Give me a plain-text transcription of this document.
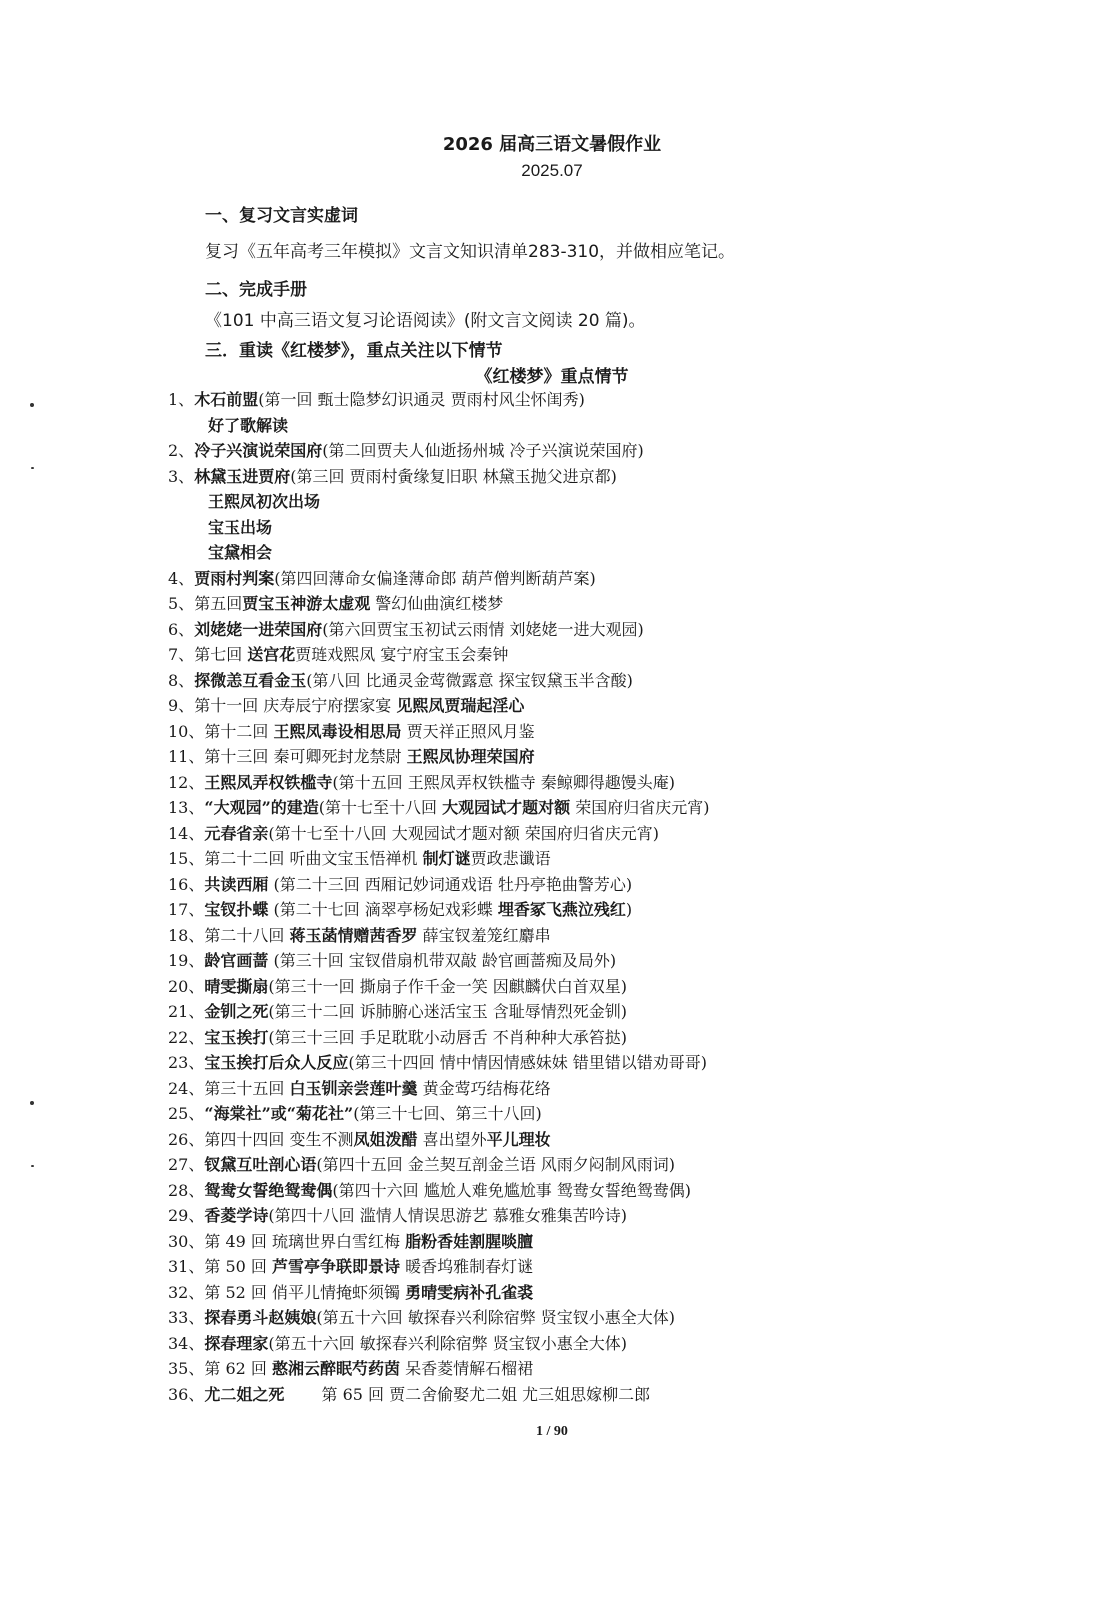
2026 届高三语文暑假作业
2025.07
一、复习文言实虚词
复习《五年高考三年模拟》文言文知识清单283-310，并做相应笔记。
二、完成手册
《101 中高三语文复习论语阅读》(附文言文阅读 20 篇)。
三．重读《红楼梦》，重点关注以下情节
《红楼梦》重点情节
1、木石前盟(第一回 甄士隐梦幻识通灵 贾雨村风尘怀闺秀)
好了歌解读
2、冷子兴演说荣国府(第二回贾夫人仙逝扬州城 冷子兴演说荣国府)
3、林黛玉进贾府(第三回 贾雨村夤缘复旧职 林黛玉抛父进京都)
王熙凤初次出场
宝玉出场
宝黛相会
4、贾雨村判案(第四回薄命女偏逢薄命郎 葫芦僧判断葫芦案)
5、第五回贾宝玉神游太虚观 警幻仙曲演红楼梦
6、刘姥姥一进荣国府(第六回贾宝玉初试云雨情 刘姥姥一进大观园)
7、第七回 送宫花贾琏戏熙凤 宴宁府宝玉会秦钟
8、探微恙互看金玉(第八回 比通灵金莺微露意 探宝钗黛玉半含酸)
9、第十一回 庆寿辰宁府摆家宴 见熙凤贾瑞起淫心
10、第十二回 王熙凤毒设相思局 贾天祥正照风月鉴
11、第十三回 秦可卿死封龙禁尉 王熙凤协理荣国府
12、王熙凤弄权铁槛寺(第十五回 王熙凤弄权铁槛寺 秦鲸卿得趣馒头庵)
13、“大观园”的建造(第十七至十八回 大观园试才题对额 荣国府归省庆元宵)
14、元春省亲(第十七至十八回 大观园试才题对额 荣国府归省庆元宵)
15、第二十二回 听曲文宝玉悟禅机 制灯谜贾政悲谶语
16、共读西厢 (第二十三回 西厢记妙词通戏语 牡丹亭艳曲警芳心)
17、宝钗扑蝶 (第二十七回 滴翠亭杨妃戏彩蝶 埋香冢飞燕泣残红)
18、第二十八回 蒋玉菡情赠茜香罗 薛宝钗羞笼红麝串
19、龄官画蔷 (第三十回 宝钗借扇机带双敲 龄官画蔷痴及局外)
20、晴雯撕扇(第三十一回 撕扇子作千金一笑 因麒麟伏白首双星)
21、金钏之死(第三十二回 诉肺腑心迷活宝玉 含耻辱情烈死金钏)
22、宝玉挨打(第三十三回 手足耽耽小动唇舌 不肖种种大承笞挞)
23、宝玉挨打后众人反应(第三十四回 情中情因情感妹妹 错里错以错劝哥哥)
24、第三十五回 白玉钏亲尝莲叶羹 黄金莺巧结梅花络
25、“海棠社”或“菊花社”(第三十七回、第三十八回)
26、第四十四回 变生不测凤姐泼醋 喜出望外平儿理妆
27、钗黛互吐剖心语(第四十五回 金兰契互剖金兰语 风雨夕闷制风雨词)
28、鸳鸯女誓绝鸳鸯偶(第四十六回 尴尬人难免尴尬事 鸳鸯女誓绝鸳鸯偶)
29、香菱学诗(第四十八回 滥情人情误思游艺 慕雅女雅集苦吟诗)
30、第 49 回 琉璃世界白雪红梅 脂粉香娃割腥啖膻
31、第 50 回 芦雪亭争联即景诗 暖香坞雅制春灯谜
32、第 52 回 俏平儿情掩虾须镯 勇晴雯病补孔雀裘
33、探春勇斗赵姨娘(第五十六回 敏探春兴利除宿弊 贤宝钗小惠全大体)
34、探春理家(第五十六回 敏探春兴利除宿弊 贤宝钗小惠全大体)
35、第 62 回 憨湘云醉眠芍药茵 呆香菱情解石榴裙
36、尤二姐之死　　 第 65 回 贾二舍偷娶尤二姐 尤三姐思嫁柳二郎
1 / 90
